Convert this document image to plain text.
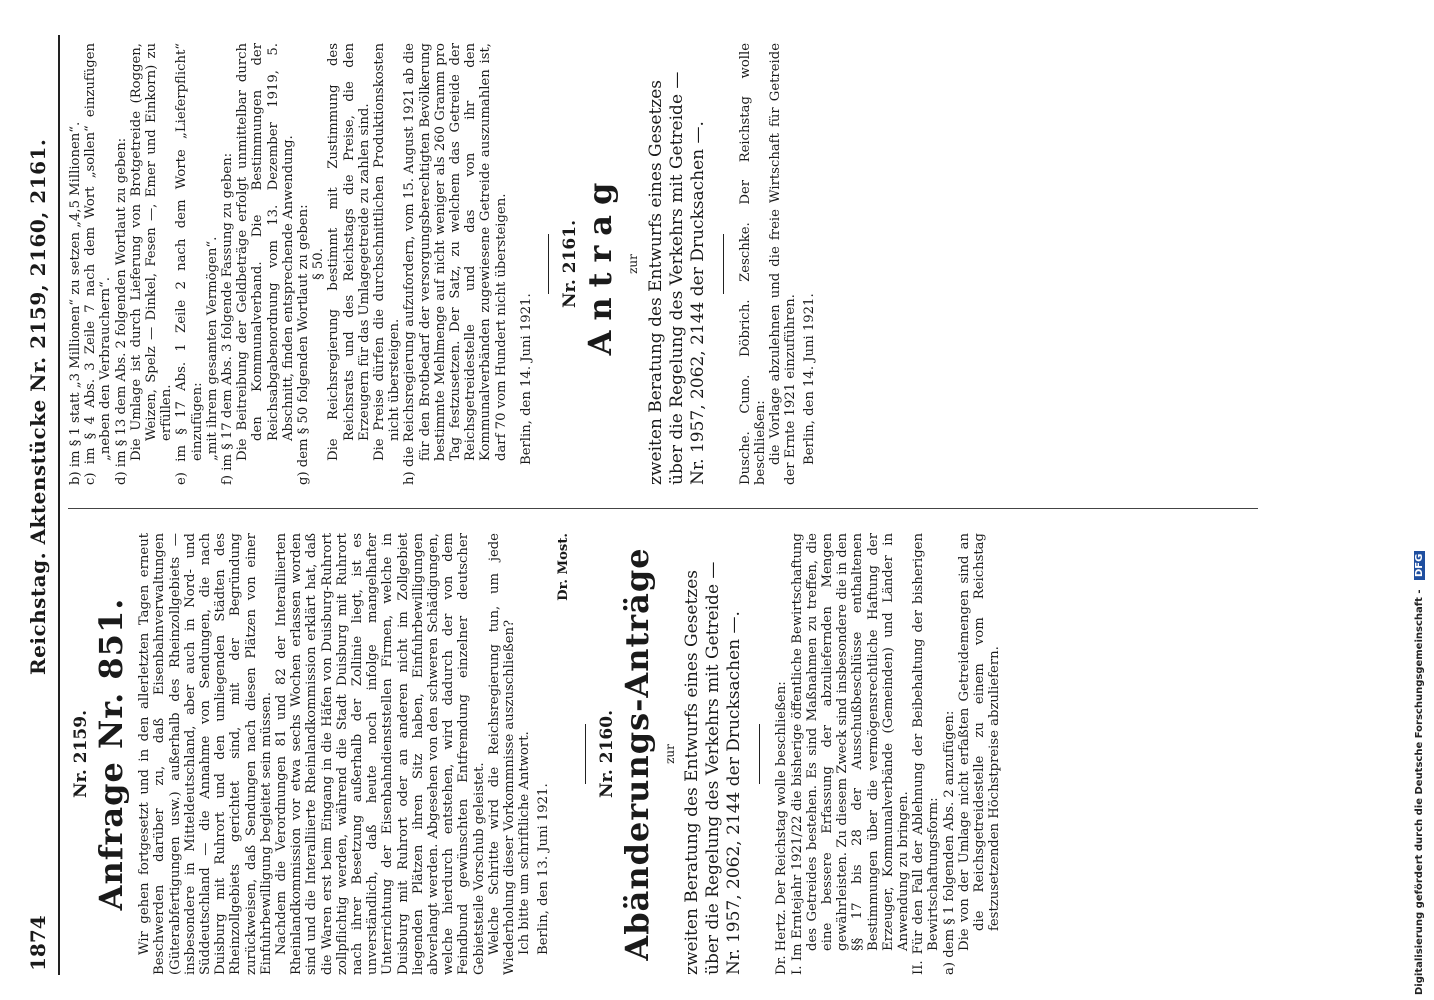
1874
Reichstag. Aktenstücke Nr. 2159, 2160, 2161.
Nr. 2159. Anfrage Nr. 851. Wir gehen fortgesetzt und in den allerletzten Tagen erneut Beschwerden darüber zu, daß Eisenbahnverwaltungen (Güterabfertigungen usw.) außerhalb des Rheinzollgebiets — insbesondere in Mitteldeutschland, aber auch in Nord- und Süddeutschland — die Annahme von Sendungen, die nach Duisburg mit Ruhrort und den umliegenden Städten des Rheinzollgebiets gerichtet sind, mit der Begründung zurückweisen, daß Sendungen nach diesen Plätzen von einer Einfuhrbewilligung begleitet sein müssen. Nachdem die Verordnungen 81 und 82 der Interalliierten Rheinlandkommission vor etwa sechs Wochen erlassen worden sind und die Interalliierte Rheinlandkommission erklärt hat, daß die Waren erst beim Eingang in die Häfen von Duisburg-Ruhrort zollpflichtig werden, während die Stadt Duisburg mit Ruhrort nach ihrer Besetzung außerhalb der Zollinie liegt, ist es unverständlich, daß heute noch infolge mangelhafter Unterrichtung der Eisenbahndienststellen Firmen, welche in Duisburg mit Ruhrort oder an anderen nicht im Zollgebiet liegenden Plätzen ihren Sitz haben, Einfuhrbewilligungen abverlangt werden. Abgesehen von den schweren Schädigungen, welche hierdurch entstehen, wird dadurch der von dem Feindbund gewünschten Entfremdung einzelner deutscher Gebietsteile Vorschub geleistet. Welche Schritte wird die Reichsregierung tun, um jede Wiederholung dieser Vorkommnisse auszuschließen? Ich bitte um schriftliche Antwort. Berlin, den 13. Juni 1921.
Dr. Most.
Nr. 2160. Abänderungs-Anträge zur zweiten Beratung des Entwurfs eines Gesetzes über die Regelung des Verkehrs mit Getreide — Nr. 1957, 2062, 2144 der Drucksachen —. Dr. Hertz. Der Reichstag wolle beschließen: I. Im Erntejahr 1921/22 die bisherige öffentliche Bewirtschaftung des Getreides bestehen. Es sind Maßnahmen zu treffen, die eine bessere Erfassung der abzuliefernden Mengen gewährleisten. Zu diesem Zweck sind insbesondere die in den §§ 17 bis 28 der Ausschußbeschlüsse enthaltenen Bestimmungen über die vermögensrechtliche Haftung der Erzeuger, Kommunalverbände (Gemeinden) und Länder in Anwendung zu bringen. II. Für den Fall der Ablehnung der Beibehaltung der bisherigen Bewirtschaftungsform: a) dem § 1 folgenden Abs. 2 anzufügen: Die von der Umlage nicht erfaßten Getreidemengen sind an die Reichsgetreidestelle zu einem vom Reichstag festzusetzenden Höchstpreise abzuliefern.

b) im § 1 statt „3 Millionen“ zu setzen „4,5 Millionen“. c) im § 4 Abs. 3 Zeile 7 nach dem Wort „sollen“ einzufügen „neben den Verbrauchern“. d) im § 13 dem Abs. 2 folgenden Wortlaut zu geben: Die Umlage ist durch Lieferung von Brotgetreide (Roggen, Weizen, Spelz — Dinkel, Fesen —, Emer und Einkorn) zu erfüllen. e) im § 17 Abs. 1 Zeile 2 nach dem Worte „Lieferpflicht“ einzufügen: „mit ihrem gesamten Vermögen“. f) im § 17 dem Abs. 3 folgende Fassung zu geben: Die Beitreibung der Geldbeträge erfolgt unmittelbar durch den Kommunalverband. Die Bestimmungen der Reichsabgabenordnung vom 13. Dezember 1919, 5. Abschnitt, finden entsprechende Anwendung. g) dem § 50 folgenden Wortlaut zu geben: § 50. Die Reichsregierung bestimmt mit Zustimmung des Reichsrats und des Reichstags die Preise, die den Erzeugern für das Umlagegetreide zu zahlen sind. Die Preise dürfen die durchschnittlichen Produktionskosten nicht übersteigen. h) die Reichsregierung aufzufordern, vom 15. August 1921 ab die für den Brotbedarf der versorgungsberechtigten Bevölkerung bestimmte Mehlmenge auf nicht weniger als 260 Gramm pro Tag festzusetzen. Der Satz, zu welchem das Getreide der Reichsgetreidestelle und das von ihr den Kommunalverbänden zugewiesene Getreide auszumahlen ist, darf 70 vom Hundert nicht übersteigen. Berlin, den 14. Juni 1921.
Nr. 2161. Antrag zur zweiten Beratung des Entwurfs eines Gesetzes über die Regelung des Verkehrs mit Getreide — Nr. 1957, 2062, 2144 der Drucksachen —. Dusche. Cuno. Döbrich. Zeschke. Der Reichstag wolle beschließen: die Vorlage abzulehnen und die freie Wirtschaft für Getreide der Ernte 1921 einzuführen. Berlin, den 14. Juni 1921.
Digitalisierung gefördert durch die Deutsche Forschungsgemeinschaft - DFG
